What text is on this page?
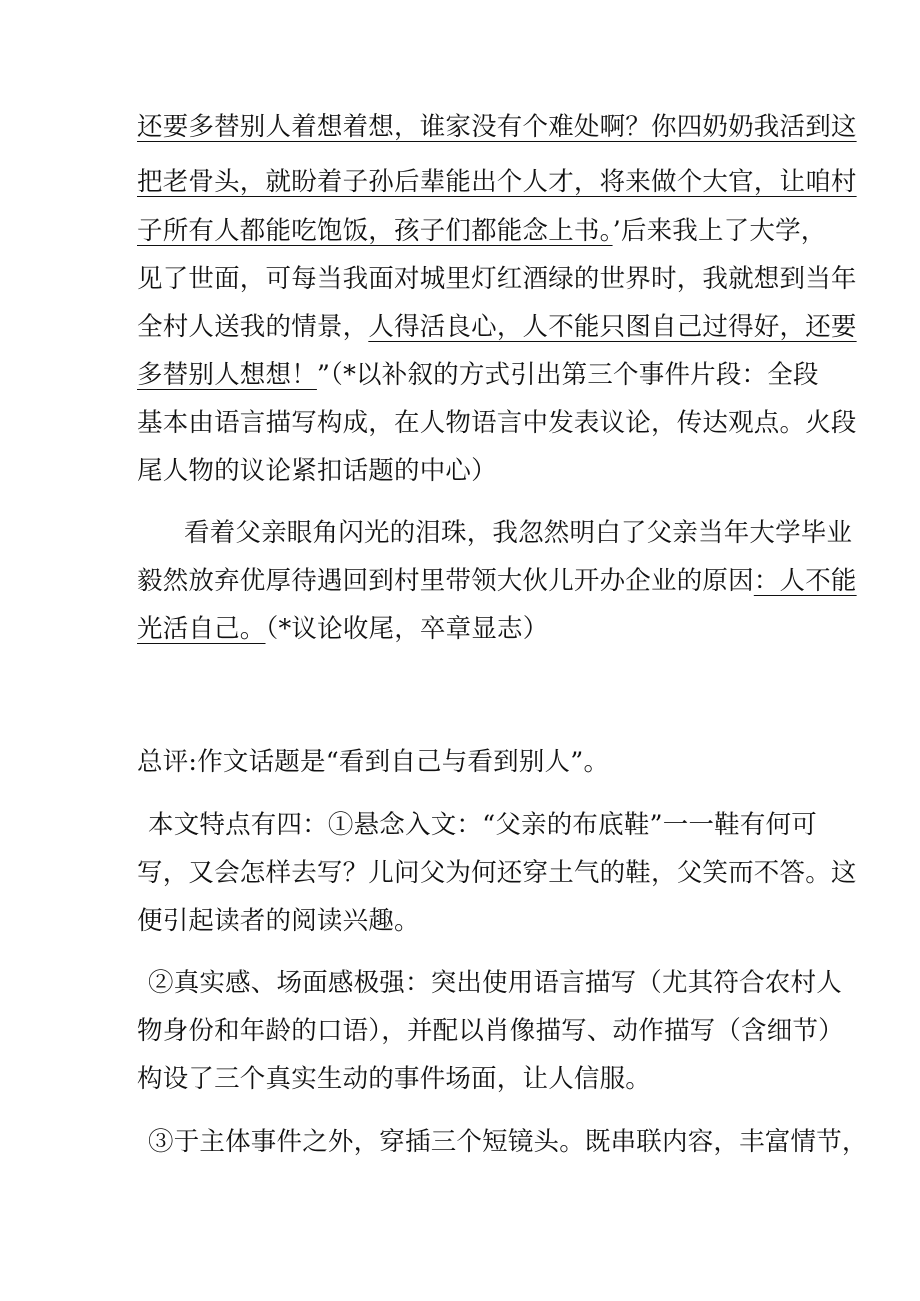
还要多替别人着想着想，谁家没有个难处啊？你四奶奶我活到这
把老骨头，就盼着子孙后辈能出个人才，将来做个大官，让咱村
子所有人都能吃饱饭，孩子们都能念上书。’后来我上了大学，
见了世面，可每当我面对城里灯红酒绿的世界时，我就想到当年
全村人送我的情景，人得活良心，人不能只图自己过得好，还要
多替别人想想！”（*以补叙的方式引出第三个事件片段：全段
基本由语言描写构成，在人物语言中发表议论，传达观点。火段
尾人物的议论紧扣话题的中心）
看着父亲眼角闪光的泪珠，我忽然明白了父亲当年大学毕业
毅然放弃优厚待遇回到村里带领大伙儿开办企业的原因：人不能
光活自己。（*议论收尾，卒章显志）
总评:作文话题是“看到自己与看到别人”。
本文特点有四：①悬念入文：“父亲的布底鞋”一一鞋有何可
写，又会怎样去写？儿问父为何还穿土气的鞋，父笑而不答。这
便引起读者的阅读兴趣。
②真实感、场面感极强：突出使用语言描写（尤其符合农村人
物身份和年龄的口语），并配以肖像描写、动作描写（含细节）
构设了三个真实生动的事件场面，让人信服。
③于主体事件之外，穿插三个短镜头。既串联内容，丰富情节，
